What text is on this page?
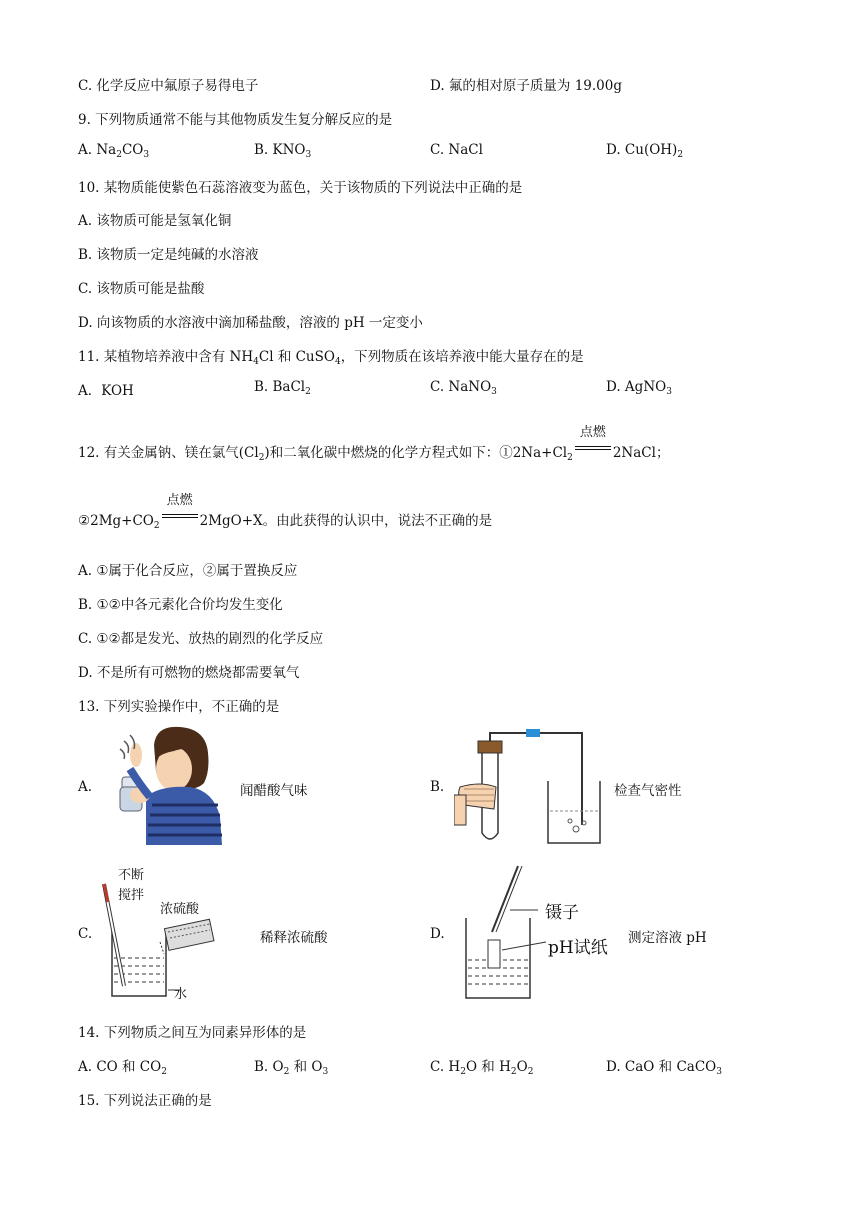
C. 化学反应中氟原子易得电子	D. 氟的相对原子质量为 19.00g
9. 下列物质通常不能与其他物质发生复分解反应的是
A. $Na_2CO_3$	B. $KNO_3$	C. NaCl	D. $Cu(OH)_2$
10. 某物质能使紫色石蕊溶液变为蓝色，关于该物质的下列说法中正确的是
A. 该物质可能是氢氧化铜
B. 该物质一定是纯碱的水溶液
C. 该物质可能是盐酸
D. 向该物质的水溶液中滴加稀盐酸，溶液的 pH 一定变小
11. 某植物培养液中含有 $NH_4Cl$ 和 CuSO$_4$，下列物质在该培养液中能大量存在的是
A．KOH	B. BaCl$_2$	C. NaNO$_3$	D. AgNO$_3$
12. 有关金属钠、镁在氯气$(Cl_2)$和二氧化碳中燃烧的化学方程式如下：$①2Na+Cl_2$
点燃
2NaCl；
$②2Mg+CO_2$
点燃
2MgO+X。由此获得的认识中，说法不正确的是
A. ①属于化合反应，②属于置换反应
B. ①②中各元素化合价均发生变化
C. ①②都是发光、放热的剧烈的化学反应
D. 不是所有可燃物的燃烧都需要氧气
13. 下列实验操作中，不正确的是
A.	闻醋酸气味	B.	检查气密性
C.
不断
搅拌
浓硫酸
水
稀释浓硫酸	D.
镊子
pH试纸 测定溶液 pH
14. 下列物质之间互为同素异形体的是
A. CO 和 $CO_2$	B. $O_2$ 和 $O_3$	C. $H_2O$ 和 $H_2O_2$	D. CaO 和 CaCO$_3$
15. 下列说法正确的是
